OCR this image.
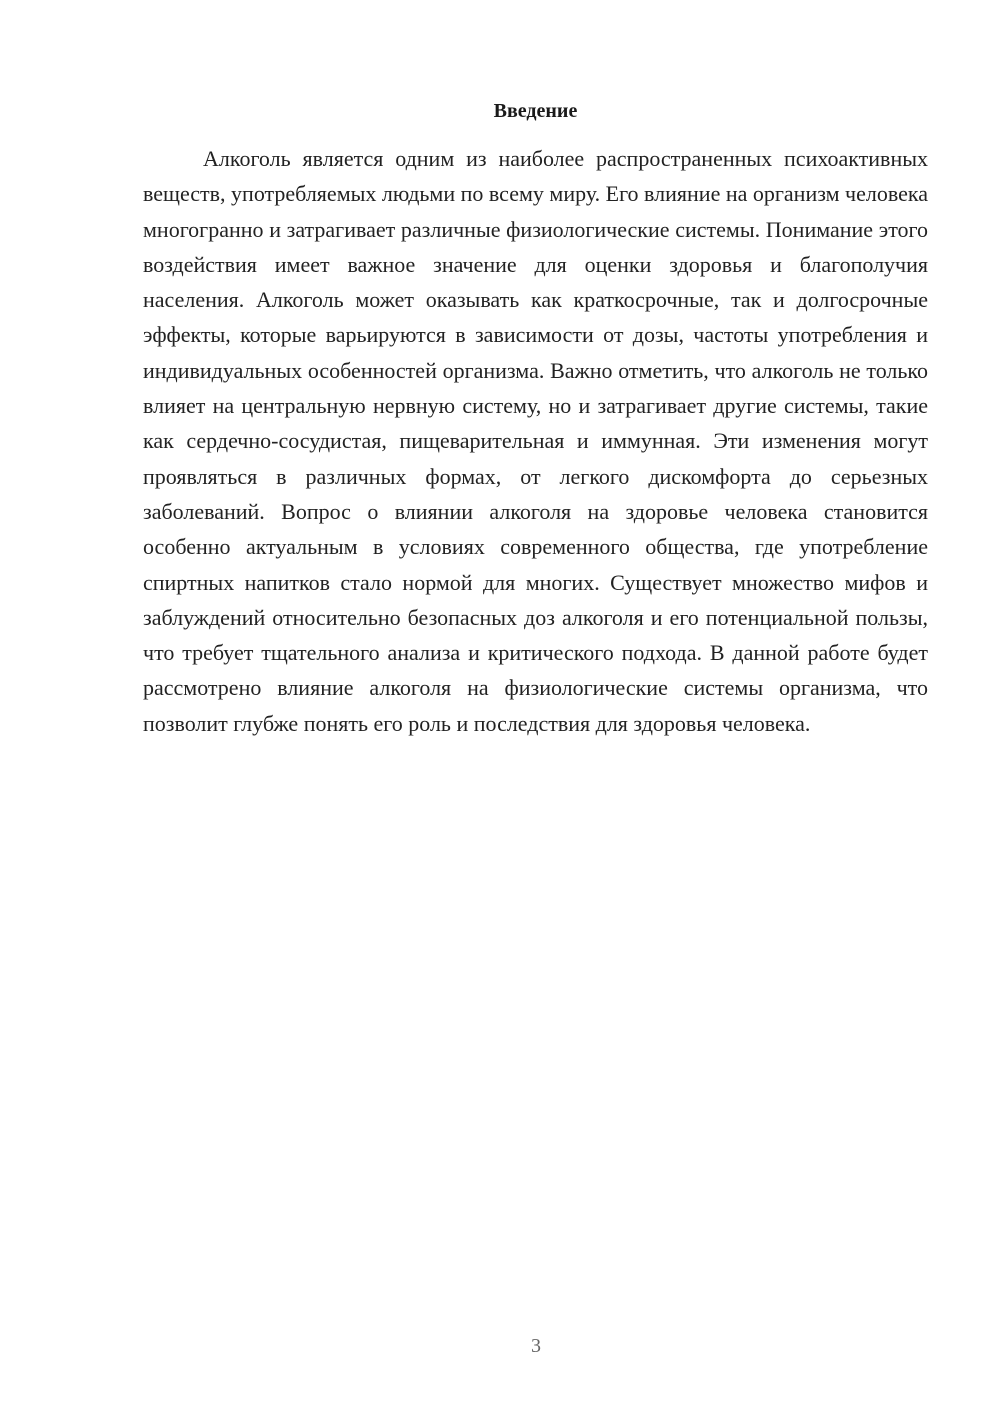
Введение

Алкоголь является одним из наиболее распространенных психоактивных веществ, употребляемых людьми по всему миру. Его влияние на организм человека многогранно и затрагивает различные физиологические системы. Понимание этого воздействия имеет важное значение для оценки здоровья и благополучия населения. Алкоголь может оказывать как краткосрочные, так и долгосрочные эффекты, которые варьируются в зависимости от дозы, частоты употребления и индивидуальных особенностей организма. Важно отметить, что алкоголь не только влияет на центральную нервную систему, но и затрагивает другие системы, такие как сердечно-сосудистая, пищеварительная и иммунная. Эти изменения могут проявляться в различных формах, от легкого дискомфорта до серьезных заболеваний. Вопрос о влиянии алкоголя на здоровье человека становится особенно актуальным в условиях современного общества, где употребление спиртных напитков стало нормой для многих. Существует множество мифов и заблуждений относительно безопасных доз алкоголя и его потенциальной пользы, что требует тщательного анализа и критического подхода. В данной работе будет рассмотрено влияние алкоголя на физиологические системы организма, что позволит глубже понять его роль и последствия для здоровья человека.

3
